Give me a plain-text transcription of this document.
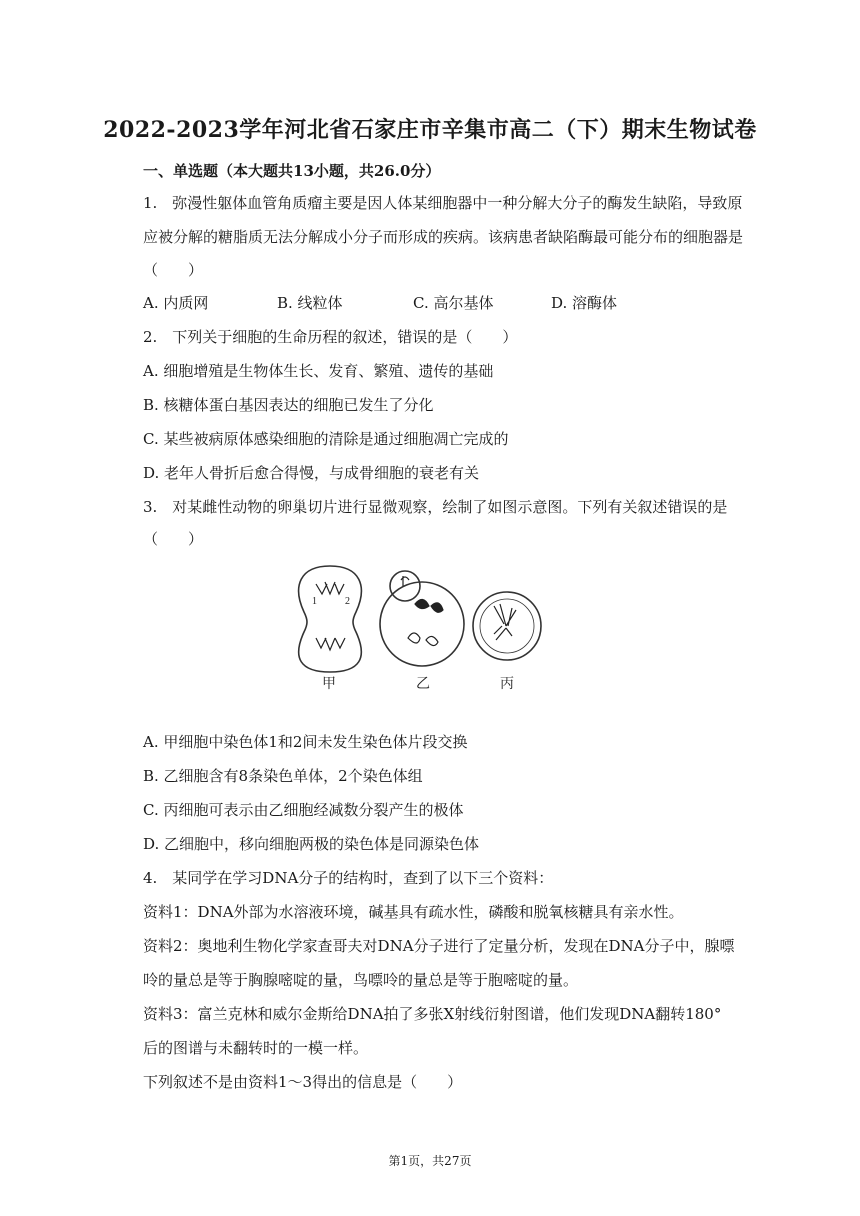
2022-2023学年河北省石家庄市辛集市高二（下）期末生物试卷
一、单选题（本大题共13小题，共26.0分）
1.　弥漫性躯体血管角质瘤主要是因人体某细胞器中一种分解大分子的酶发生缺陷，导致原
应被分解的糖脂质无法分解成小分子而形成的疾病。该病患者缺陷酶最可能分布的细胞器是
（　　）
A. 内质网	B. 线粒体	C. 高尔基体	D. 溶酶体
2.　下列关于细胞的生命历程的叙述，错误的是（　　）
A. 细胞增殖是生物体生长、发育、繁殖、遗传的基础
B. 核糖体蛋白基因表达的细胞已发生了分化
C. 某些被病原体感染细胞的清除是通过细胞凋亡完成的
D. 老年人骨折后愈合得慢，与成骨细胞的衰老有关
3.　对某雌性动物的卵巢切片进行显微观察，绘制了如图示意图。下列有关叙述错误的是
（　　）
1	2
甲	乙	丙
A. 甲细胞中染色体1和2间未发生染色体片段交换
B. 乙细胞含有8条染色单体，2个染色体组
C. 丙细胞可表示由乙细胞经减数分裂产生的极体
D. 乙细胞中，移向细胞两极的染色体是同源染色体
4.　某同学在学习DNA分子的结构时，查到了以下三个资料：
资料1：DNA外部为水溶液环境，碱基具有疏水性，磷酸和脱氧核糖具有亲水性。
资料2：奥地利生物化学家查哥夫对DNA分子进行了定量分析，发现在DNA分子中，腺嘌
呤的量总是等于胸腺嘧啶的量，鸟嘌呤的量总是等于胞嘧啶的量。
资料3：富兰克林和威尔金斯给DNA拍了多张X射线衍射图谱，他们发现DNA翻转180°
后的图谱与未翻转时的一模一样。
下列叙述不是由资料1～3得出的信息是（　　）
第1页，共27页
